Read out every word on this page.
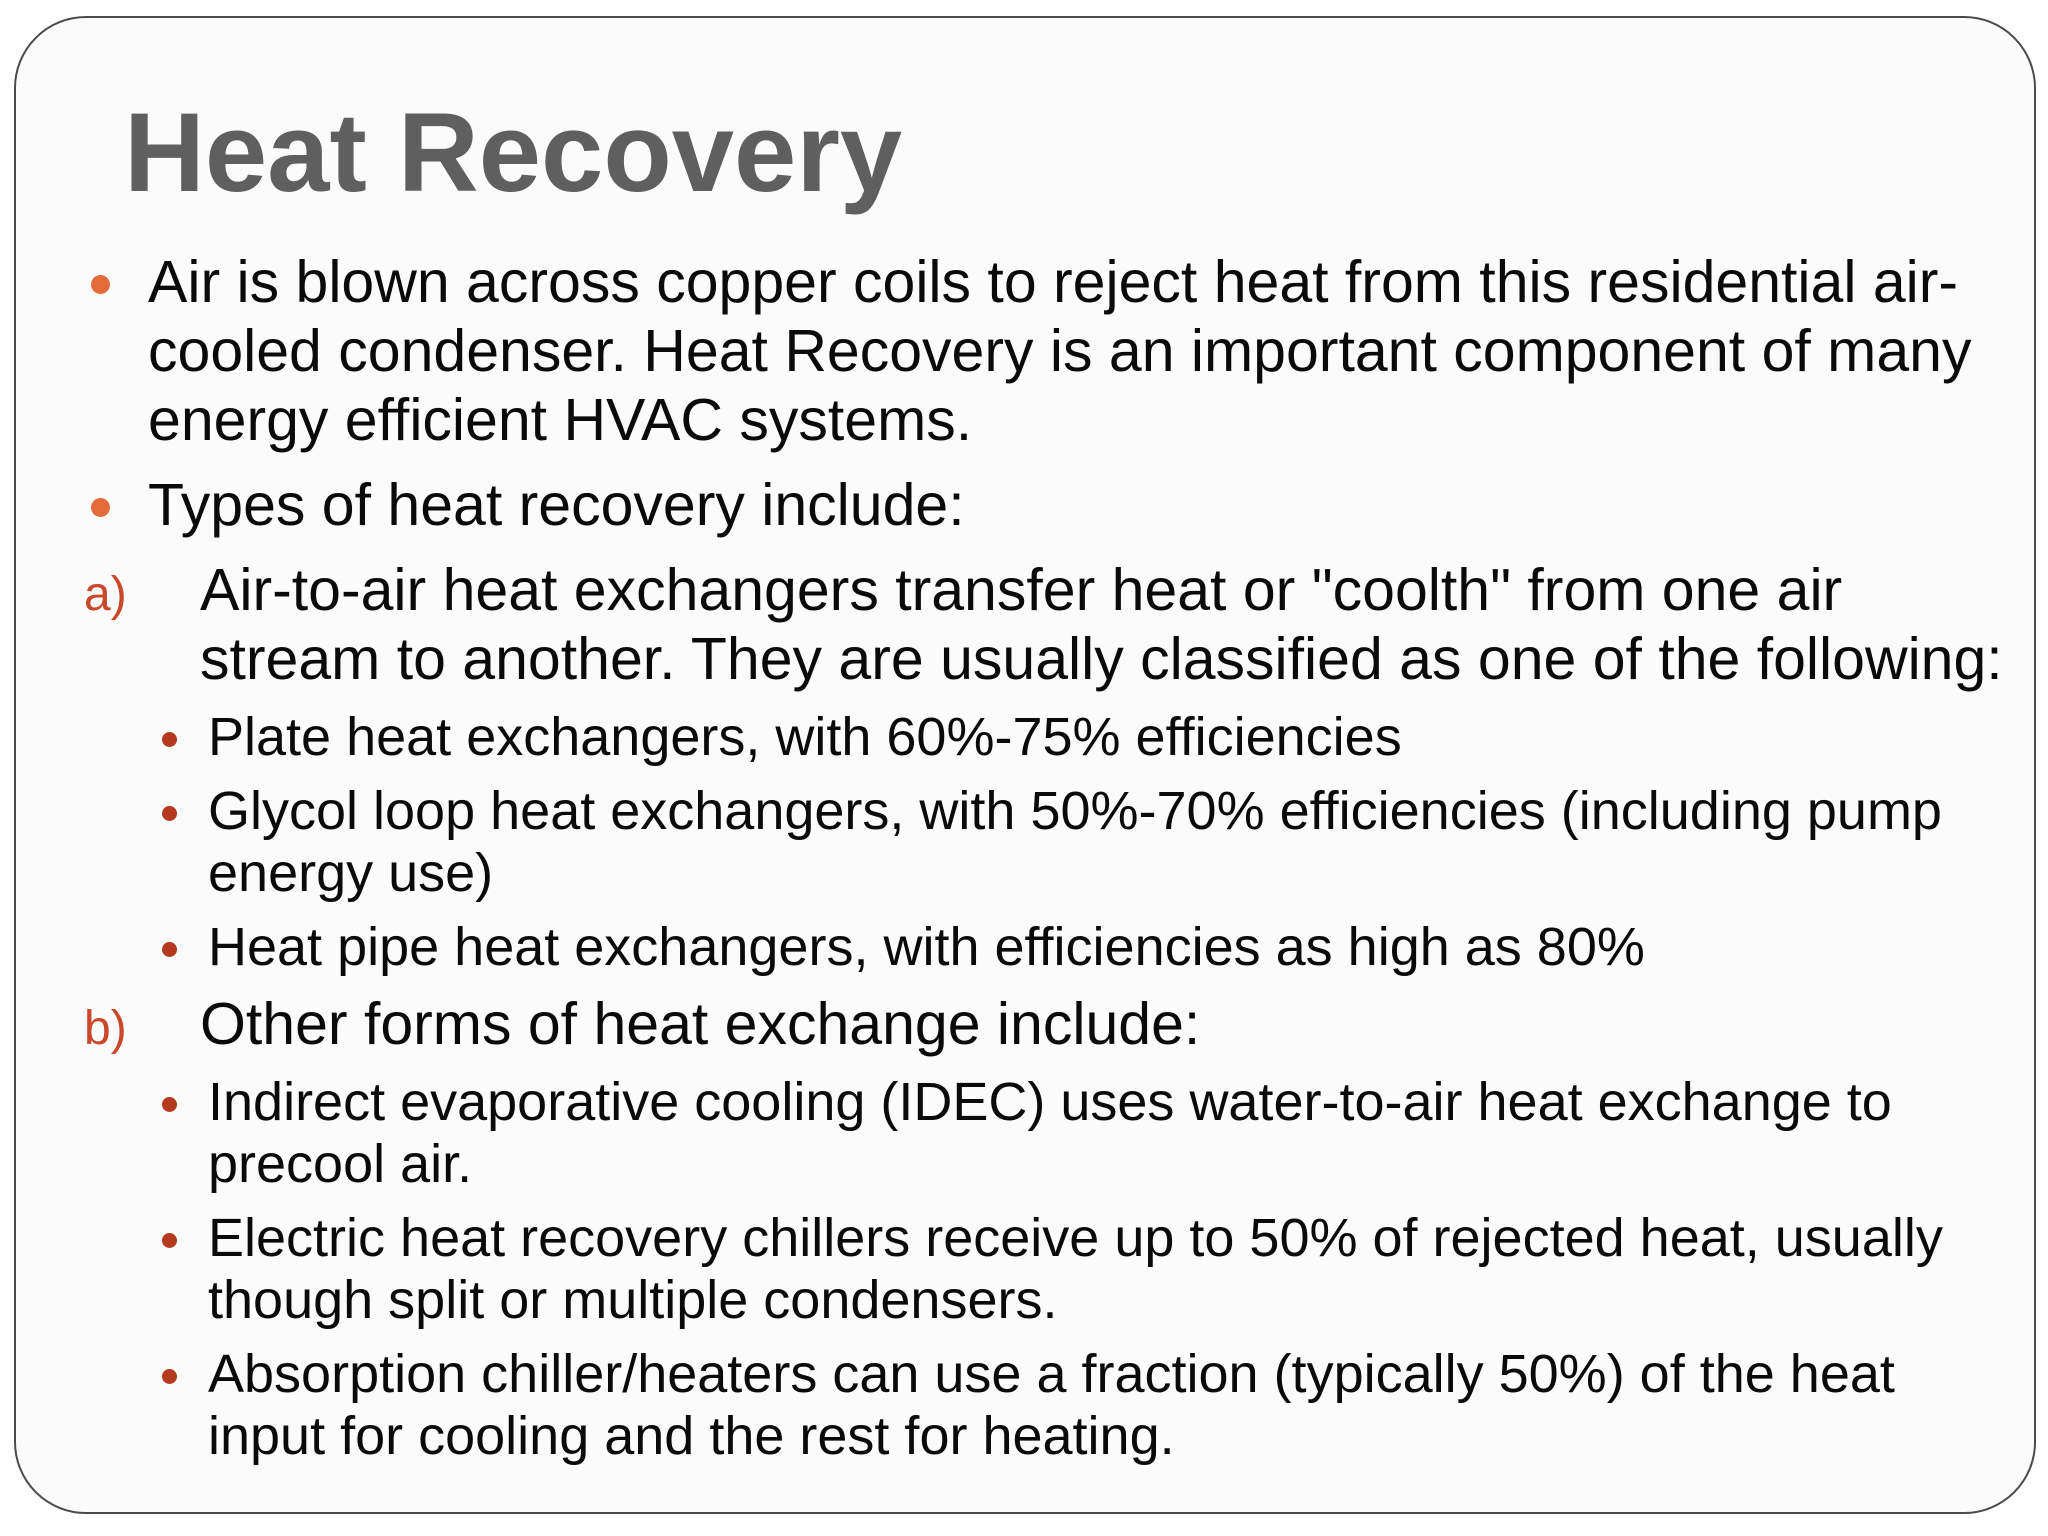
Heat Recovery
Air is blown across copper coils to reject heat from this residential air-cooled condenser. Heat Recovery is an important component of many energy efficient HVAC systems.
Types of heat recovery include:
a) Air-to-air heat exchangers transfer heat or "coolth" from one air stream to another. They are usually classified as one of the following:
Plate heat exchangers, with 60%-75% efficiencies
Glycol loop heat exchangers, with 50%-70% efficiencies (including pump energy use)
Heat pipe heat exchangers, with efficiencies as high as 80%
b) Other forms of heat exchange include:
Indirect evaporative cooling (IDEC) uses water-to-air heat exchange to precool air.
Electric heat recovery chillers receive up to 50% of rejected heat, usually though split or multiple condensers.
Absorption chiller/heaters can use a fraction (typically 50%) of the heat input for cooling and the rest for heating.
